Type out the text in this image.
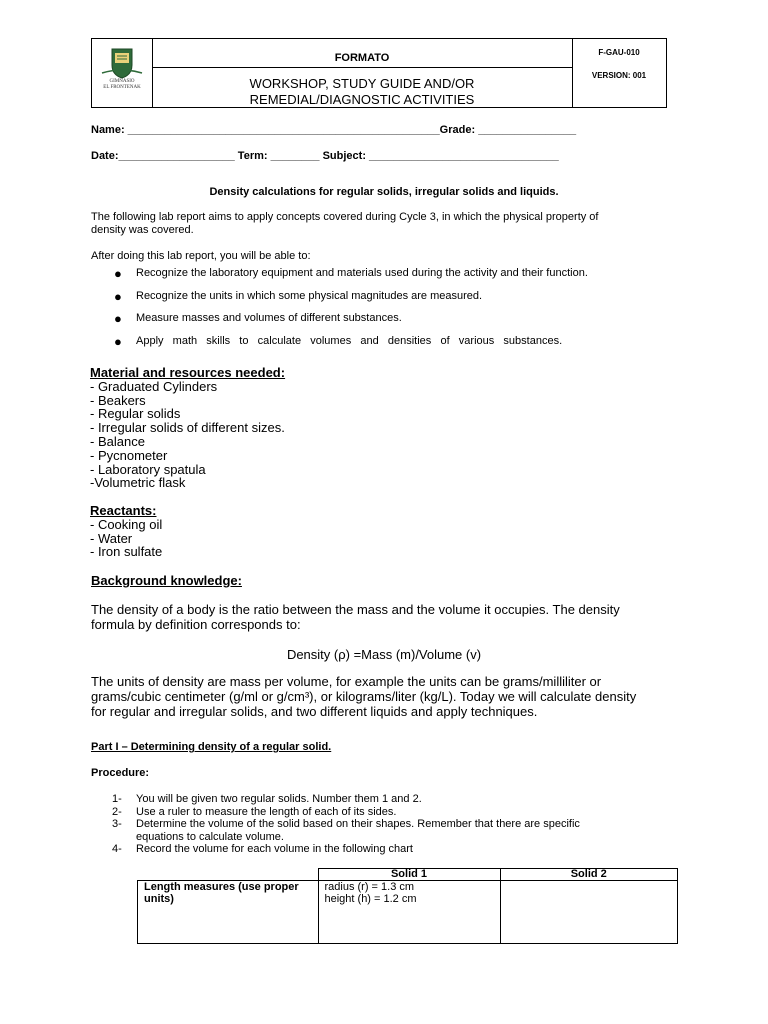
GIMNASIO
EL FRONTENAK
FORMATO
WORKSHOP, STUDY GUIDE AND/OR
REMEDIAL/DIAGNOSTIC ACTIVITIES
F-GAU-010
VERSION: 001
Name: ___________________________________________________Grade: ________________
Date:___________________ Term: ________ Subject: _______________________________
Density calculations for regular solids, irregular solids and liquids.
The following lab report aims to apply concepts covered during Cycle 3, in which the physical property of
density was covered.
After doing this lab report, you will be able to:
● Recognize the laboratory equipment and materials used during the activity and their function.
● Recognize the units in which some physical magnitudes are measured.
● Measure masses and volumes of different substances.
● Apply   math   skills   to   calculate   volumes   and   densities   of   various   substances.
Material and resources needed:
- Graduated Cylinders
- Beakers
- Regular solids
- Irregular solids of different sizes.
- Balance
- Pycnometer
- Laboratory spatula
-Volumetric flask
Reactants:
- Cooking oil
- Water
- Iron sulfate
Background knowledge:
The density of a body is the ratio between the mass and the volume it occupies. The density
formula by definition corresponds to:
Density (ρ) =Mass (m)/Volume (v)
The units of density are mass per volume, for example the units can be grams/milliliter or
grams/cubic centimeter (g/ml or g/cm³), or kilograms/liter (kg/L). Today we will calculate density
for regular and irregular solids, and two different liquids and apply techniques.
Part I – Determining density of a regular solid.
Procedure:
1- You will be given two regular solids. Number them 1 and 2.
2- Use a ruler to measure the length of each of its sides.
3- Determine the volume of the solid based on their shapes. Remember that there are specific
equations to calculate volume.
4- Record the volume for each volume in the following chart
	Solid 1	Solid 2
Length measures (use proper units)	radius (r) = 1.3 cm
height (h) = 1.2 cm	
